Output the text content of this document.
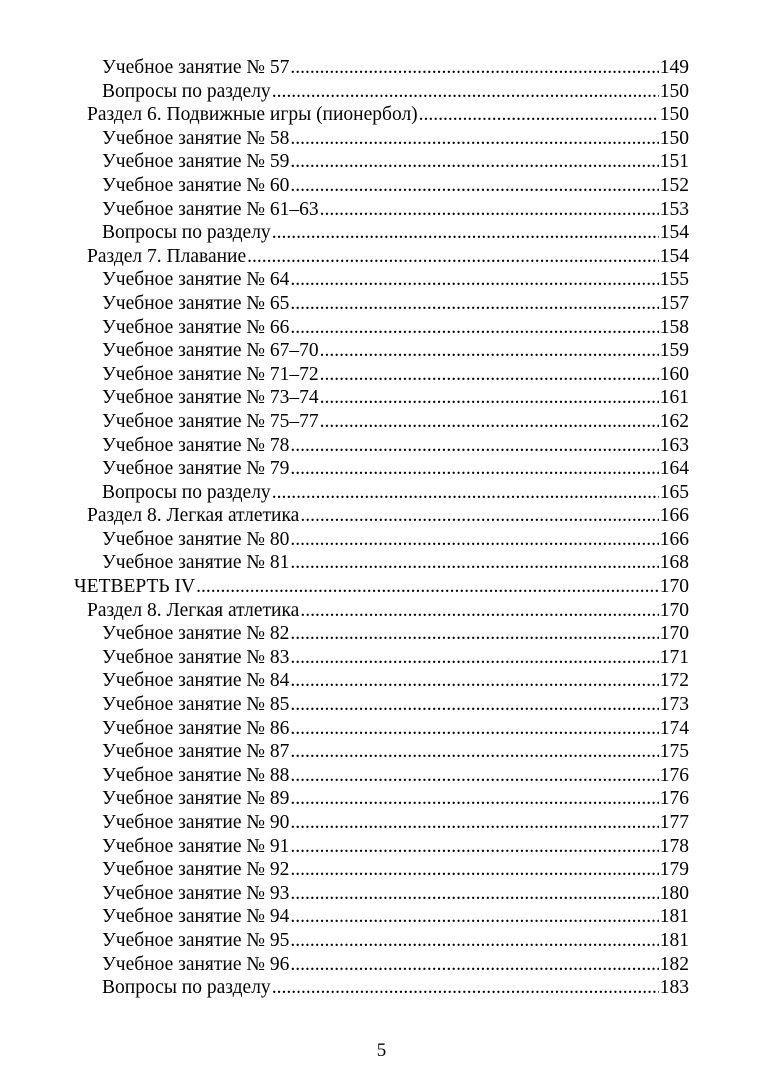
Учебное занятие № 57 .....	149
Вопросы по разделу .....	150
Раздел 6. Подвижные игры (пионербол) .....	150
Учебное занятие № 58 .....	150
Учебное занятие № 59 .....	151
Учебное занятие № 60 .....	152
Учебное занятие № 61–63 .....	153
Вопросы по разделу .....	154
Раздел 7. Плавание .....	154
Учебное занятие № 64 .....	155
Учебное занятие № 65 .....	157
Учебное занятие № 66 .....	158
Учебное занятие № 67–70 .....	159
Учебное занятие № 71–72 .....	160
Учебное занятие № 73–74 .....	161
Учебное занятие № 75–77 .....	162
Учебное занятие № 78 .....	163
Учебное занятие № 79 .....	164
Вопросы по разделу .....	165
Раздел 8. Легкая атлетика .....	166
Учебное занятие № 80 .....	166
Учебное занятие № 81 .....	168
ЧЕТВЕРТЬ IV .....	170
Раздел 8. Легкая атлетика .....	170
Учебное занятие № 82 .....	170
Учебное занятие № 83 .....	171
Учебное занятие № 84 .....	172
Учебное занятие № 85 .....	173
Учебное занятие № 86 .....	174
Учебное занятие № 87 .....	175
Учебное занятие № 88 .....	176
Учебное занятие № 89 .....	176
Учебное занятие № 90 .....	177
Учебное занятие № 91 .....	178
Учебное занятие № 92 .....	179
Учебное занятие № 93 .....	180
Учебное занятие № 94 .....	181
Учебное занятие № 95 .....	181
Учебное занятие № 96 .....	182
Вопросы по разделу .....	183
5
